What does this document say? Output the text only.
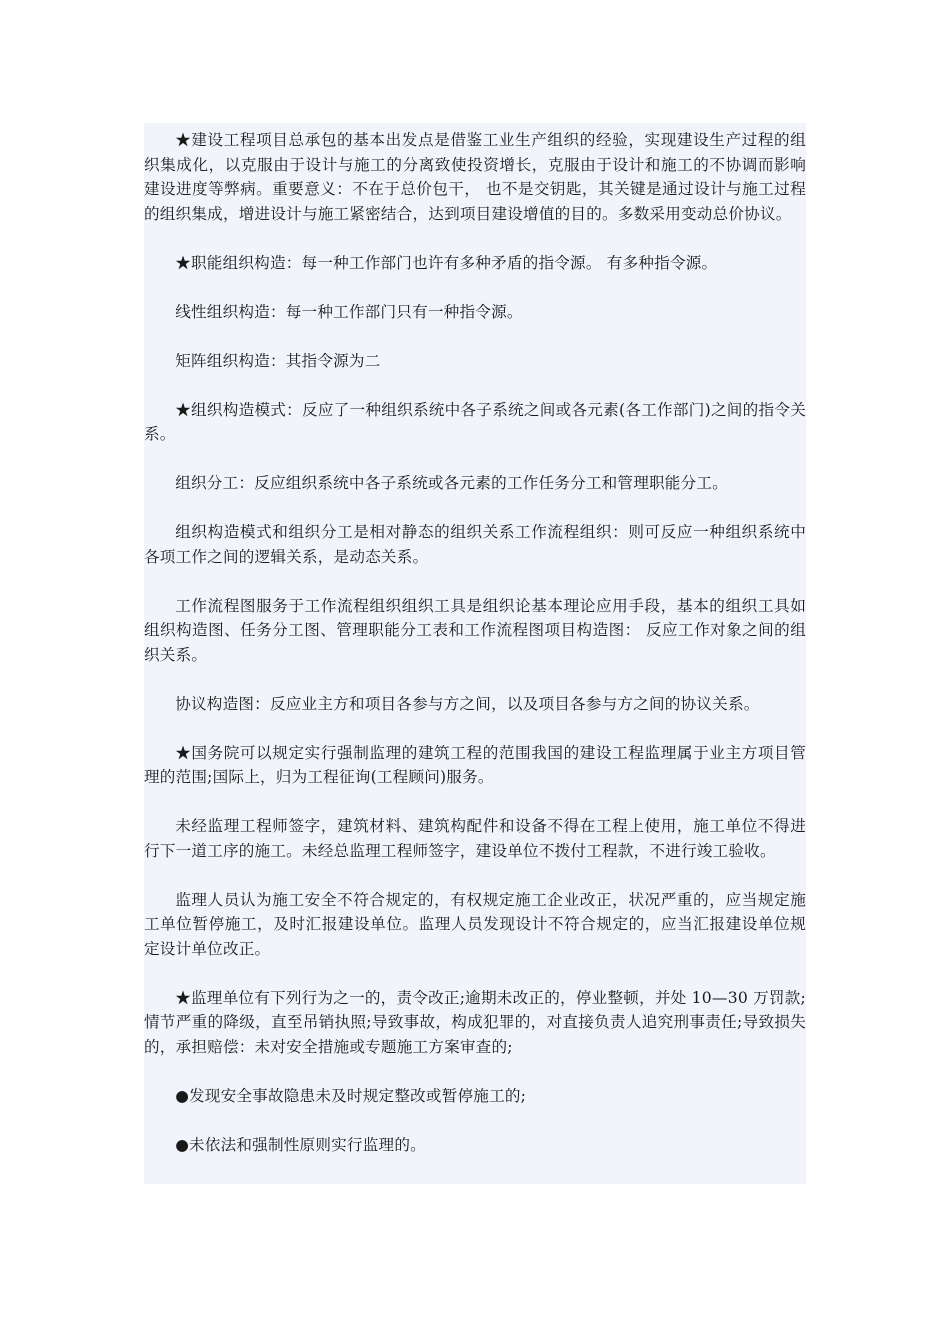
★建设工程项目总承包的基本出发点是借鉴工业生产组织的经验，实现建设生产过程的组织集成化，以克服由于设计与施工的分离致使投资增长，克服由于设计和施工的不协调而影响建设进度等弊病。重要意义：不在于总价包干， 也不是交钥匙，其关键是通过设计与施工过程的组织集成，增进设计与施工紧密结合，达到项目建设增值的目的。多数采用变动总价协议。

★职能组织构造：每一种工作部门也许有多种矛盾的指令源。 有多种指令源。

线性组织构造：每一种工作部门只有一种指令源。

矩阵组织构造：其指令源为二

★组织构造模式：反应了一种组织系统中各子系统之间或各元素(各工作部门)之间的指令关系。

组织分工：反应组织系统中各子系统或各元素的工作任务分工和管理职能分工。

组织构造模式和组织分工是相对静态的组织关系工作流程组织：则可反应一种组织系统中各项工作之间的逻辑关系，是动态关系。

工作流程图服务于工作流程组织组织工具是组织论基本理论应用手段，基本的组织工具如组织构造图、任务分工图、管理职能分工表和工作流程图项目构造图： 反应工作对象之间的组织关系。

协议构造图：反应业主方和项目各参与方之间，以及项目各参与方之间的协议关系。

★国务院可以规定实行强制监理的建筑工程的范围我国的建设工程监理属于业主方项目管理的范围;国际上，归为工程征询(工程顾问)服务。

未经监理工程师签字，建筑材料、建筑构配件和设备不得在工程上使用，施工单位不得进行下一道工序的施工。未经总监理工程师签字，建设单位不拨付工程款，不进行竣工验收。

监理人员认为施工安全不符合规定的，有权规定施工企业改正，状况严重的，应当规定施工单位暂停施工，及时汇报建设单位。监理人员发现设计不符合规定的，应当汇报建设单位规定设计单位改正。

★监理单位有下列行为之一的，责令改正;逾期未改正的，停业整顿，并处 10—30 万罚款;情节严重的降级，直至吊销执照;导致事故，构成犯罪的，对直接负责人追究刑事责任;导致损失的，承担赔偿：未对安全措施或专题施工方案审查的;

●发现安全事故隐患未及时规定整改或暂停施工的;

●未依法和强制性原则实行监理的。
